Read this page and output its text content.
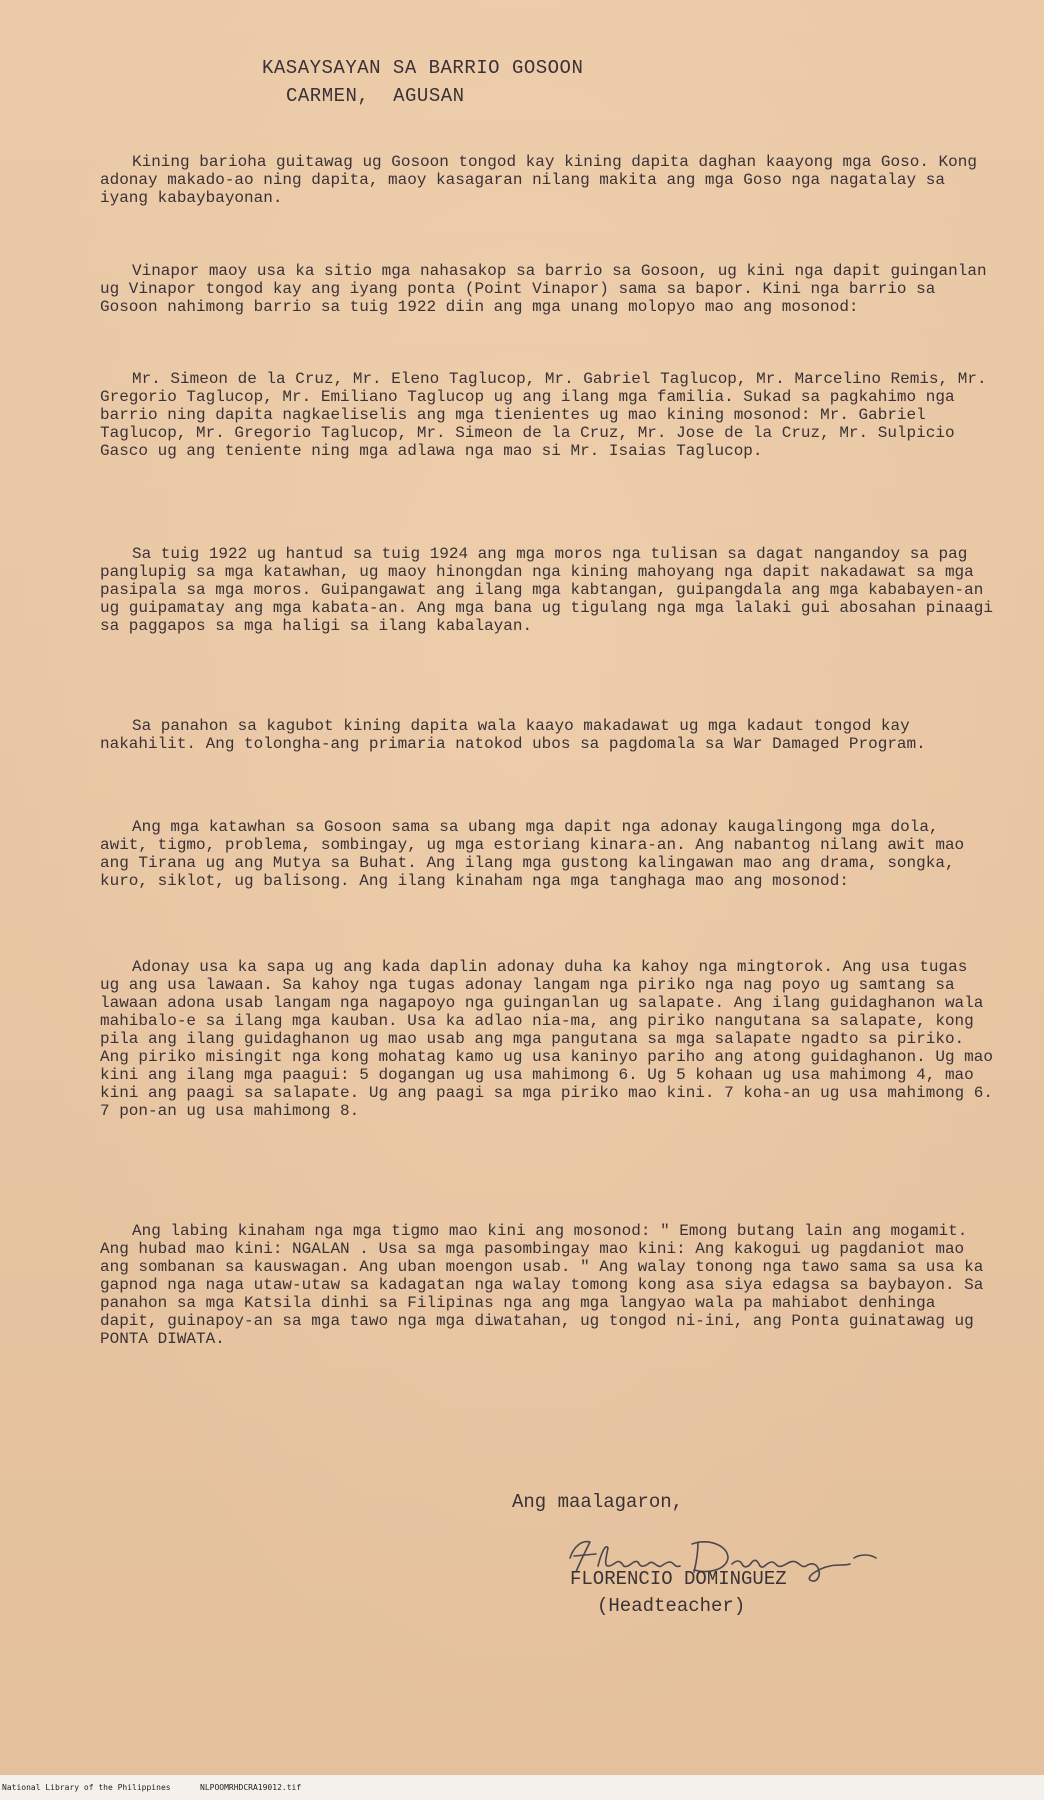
KASAYSAYAN SA BARRIO GOSOON
CARMEN,  AGUSAN

Kining barioha guitawag ug Gosoon tongod kay kining dapita daghan kaayong mga Goso. Kong adonay makado-ao ning dapita, maoy kasagaran nilang makita ang mga Goso nga nagatalay sa iyang kabaybayonan.

Vinapor maoy usa ka sitio mga nahasakop sa barrio sa Gosoon, ug kini nga dapit guinganlan ug Vinapor tongod kay ang iyang ponta (Point Vinapor) sama sa bapor. Kini nga barrio sa Gosoon nahimong barrio sa tuig 1922 diin ang mga unang molopyo mao ang mosonod:

Mr. Simeon de la Cruz, Mr. Eleno Taglucop, Mr. Gabriel Taglucop, Mr. Marcelino Remis, Mr. Gregorio Taglucop, Mr. Emiliano Taglucop ug ang ilang mga familia. Sukad sa pagkahimo nga barrio ning dapita nagkaeliselis ang mga tienientes ug mao kining mosonod: Mr. Gabriel Taglucop, Mr. Gregorio Taglucop, Mr. Simeon de la Cruz, Mr. Jose de la Cruz, Mr. Sulpicio Gasco ug ang teniente ning mga adlawa nga mao si Mr. Isaias Taglucop.

Sa tuig 1922 ug hantud sa tuig 1924 ang mga moros nga tulisan sa dagat nangandoy sa pag panglupig sa mga katawhan, ug maoy hinongdan nga kining mahoyang nga dapit nakadawat sa mga pasipala sa mga moros. Guipangawat ang ilang mga kabtangan, guipangdala ang mga kababayen-an ug guipamatay ang mga kabata-an. Ang mga bana ug tigulang nga mga lalaki gui abosahan pinaagi sa paggapos sa mga haligi sa ilang kabalayan.

Sa panahon sa kagubot kining dapita wala kaayo makadawat ug mga kadaut tongod kay nakahilit. Ang tolongha-ang primaria natokod ubos sa pagdomala sa War Damaged Program.

Ang mga katawhan sa Gosoon sama sa ubang mga dapit nga adonay kaugalingong mga dola, awit, tigmo, problema, sombingay, ug mga estoriang kinara-an. Ang nabantog nilang awit mao ang Tirana ug ang Mutya sa Buhat. Ang ilang mga gustong kalingawan mao ang drama, songka, kuro, siklot, ug balisong. Ang ilang kinaham nga mga tanghaga mao ang mosonod:

Adonay usa ka sapa ug ang kada daplin adonay duha ka kahoy nga mingtorok. Ang usa tugas ug ang usa lawaan. Sa kahoy nga tugas adonay langam nga piriko nga nag poyo ug samtang sa lawaan adona usab langam nga nagapoyo nga guinganlan ug salapate. Ang ilang guidaghanon wala mahibalo-e sa ilang mga kauban. Usa ka adlao nia-ma, ang piriko nangutana sa salapate, kong pila ang ilang guidaghanon ug mao usab ang mga pangutana sa mga salapate ngadto sa piriko. Ang piriko misingit nga kong mohatag kamo ug usa kaninyo pariho ang atong guidaghanon. Ug mao kini ang ilang mga paagui: 5 dogangan ug usa mahimong 6. Ug 5 kohaan ug usa mahimong 4, mao kini ang paagi sa salapate. Ug ang paagi sa mga piriko mao kini. 7 koha-an ug usa mahimong 6. 7 pon-an ug usa mahimong 8.

Ang labing kinaham nga mga tigmo mao kini ang mosonod: " Emong butang lain ang mogamit. Ang hubad mao kini: NGALAN . Usa sa mga pasombingay mao kini: Ang kakogui ug pagdaniot mao ang sombanan sa kauswagan. Ang uban moengon usab. " Ang walay tonong nga tawo sama sa usa ka gapnod nga naga utaw-utaw sa kadagatan nga walay tomong kong asa siya edagsa sa baybayon. Sa panahon sa mga Katsila dinhi sa Filipinas nga ang mga langyao wala pa mahiabot denhinga dapit, guinapoy-an sa mga tawo nga mga diwatahan, ug tongod ni-ini, ang Ponta guinatawag ug PONTA DIWATA.

Ang maalagaron,
FLORENCIO DOMINGUEZ
(Headteacher)
National Library of the Philippines	NLPOOMRHDCRA19012.tif
